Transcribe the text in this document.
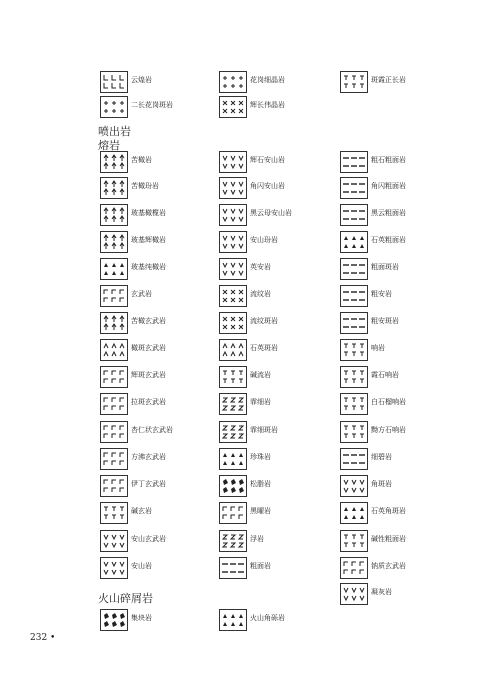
云煌岩
二长花岗斑岩
苦橄岩
苦橄玢岩
玻基橄榄岩
玻基辉橄岩
玻基纯橄岩
玄武岩
苦橄玄武岩
橄斑玄武岩
辉斑玄武岩
拉斑玄武岩
杏仁状玄武岩
方沸玄武岩
伊丁玄武岩
碱玄岩
安山玄武岩
安山岩
集块岩
花岗细晶岩
辉长伟晶岩
辉石安山岩
角闪安山岩
黑云母安山岩
安山玢岩
英安岩
流纹岩
流纹斑岩
石英斑岩
碱流岩
霏细岩
霏细斑岩
珍珠岩
松脂岩
黑曜岩
浮岩
粗面岩
火山角砾岩
斑霞正长岩
粗石粗面岩
角闪粗面岩
黑云粗面岩
石英粗面岩
粗面斑岩
粗安岩
粗安斑岩
响岩
霞石响岩
白石榴响岩
黝方石响岩
细碧岩
角斑岩
石英角斑岩
碱性粗面岩
钠质玄武岩
凝灰岩
喷出岩
熔岩
火山碎屑岩
232 •
